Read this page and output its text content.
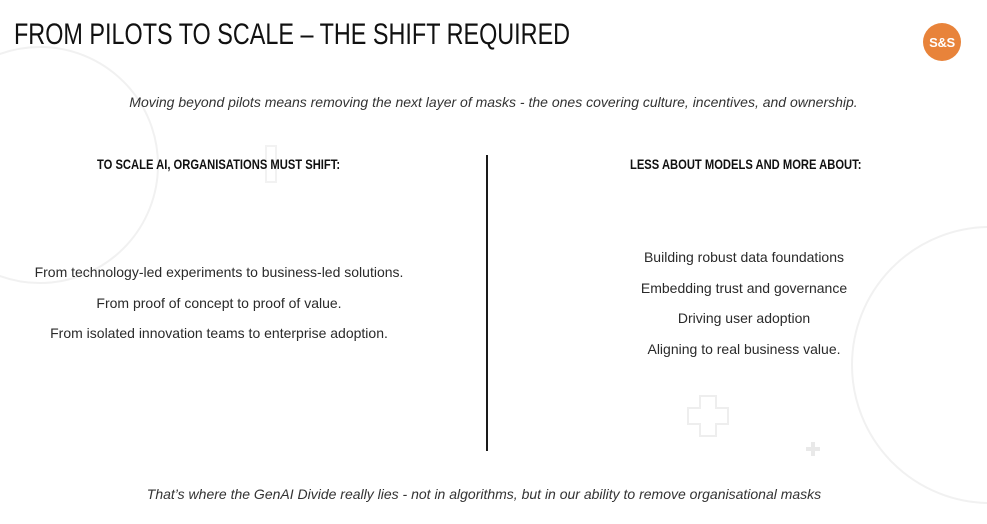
FROM PILOTS TO SCALE – THE SHIFT REQUIRED	S&S
Moving beyond pilots means removing the next layer of masks - the ones covering culture, incentives, and ownership.
TO SCALE AI, ORGANISATIONS MUST SHIFT:	LESS ABOUT MODELS AND MORE ABOUT:
From technology-led experiments to business-led solutions.
From proof of concept to proof of value.
From isolated innovation teams to enterprise adoption.
Building robust data foundations
Embedding trust and governance
Driving user adoption
Aligning to real business value.
That’s where the GenAI Divide really lies - not in algorithms, but in our ability to remove organisational masks
